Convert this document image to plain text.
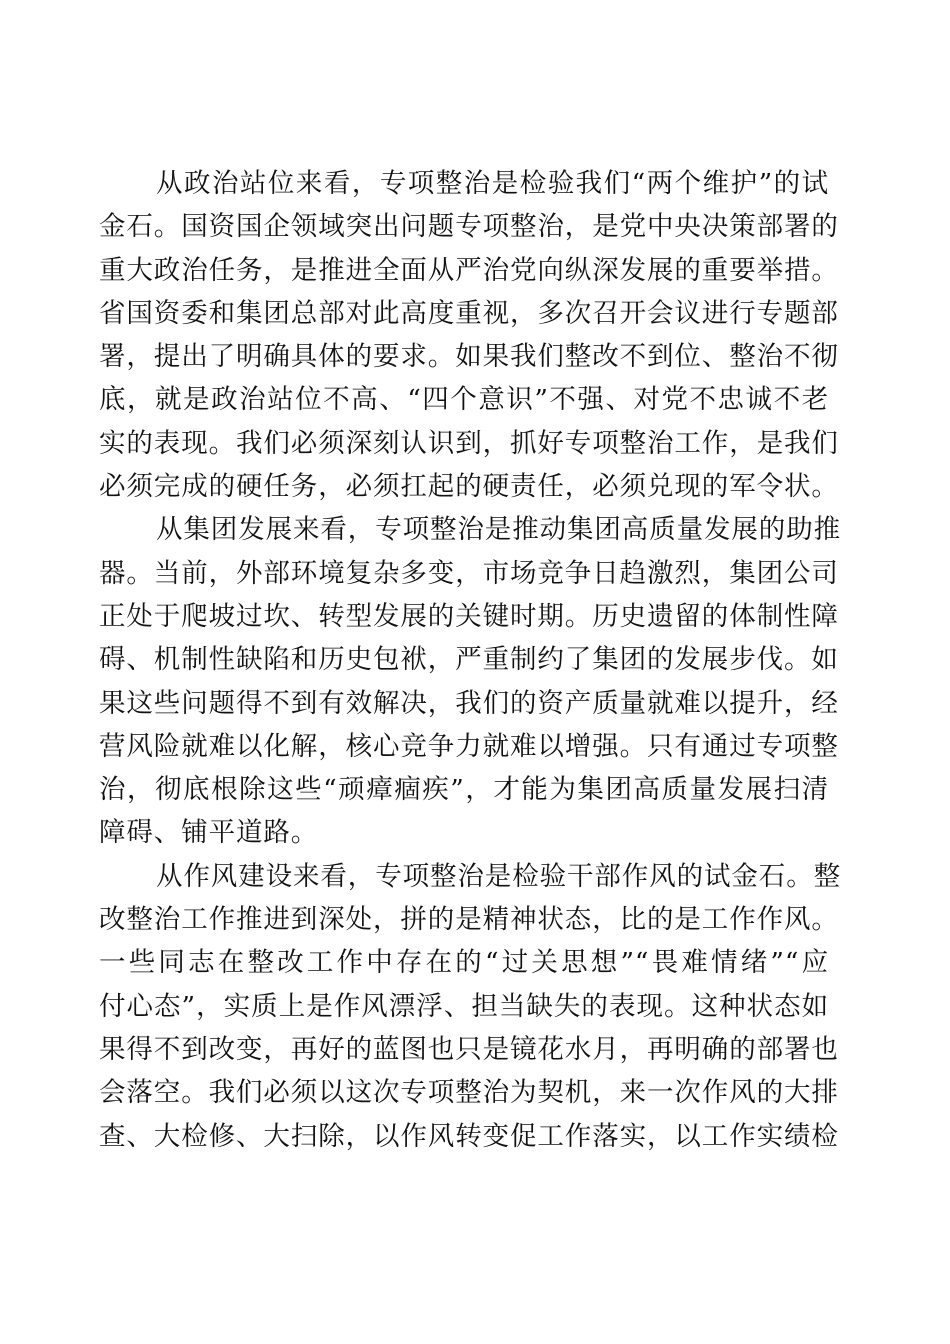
从政治站位来看，专项整治是检验我们“两个维护”的试
金石。国资国企领域突出问题专项整治，是党中央决策部署的
重大政治任务，是推进全面从严治党向纵深发展的重要举措。
省国资委和集团总部对此高度重视，多次召开会议进行专题部
署，提出了明确具体的要求。如果我们整改不到位、整治不彻
底，就是政治站位不高、“四个意识”不强、对党不忠诚不老
实的表现。我们必须深刻认识到，抓好专项整治工作，是我们
必须完成的硬任务，必须扛起的硬责任，必须兑现的军令状。
从集团发展来看，专项整治是推动集团高质量发展的助推
器。当前，外部环境复杂多变，市场竞争日趋激烈，集团公司
正处于爬坡过坎、转型发展的关键时期。历史遗留的体制性障
碍、机制性缺陷和历史包袱，严重制约了集团的发展步伐。如
果这些问题得不到有效解决，我们的资产质量就难以提升，经
营风险就难以化解，核心竞争力就难以增强。只有通过专项整
治，彻底根除这些“顽瘴痼疾”，才能为集团高质量发展扫清
障碍、铺平道路。
从作风建设来看，专项整治是检验干部作风的试金石。整
改整治工作推进到深处，拼的是精神状态，比的是工作作风。
一些同志在整改工作中存在的“过关思想”“畏难情绪”“应
付心态”，实质上是作风漂浮、担当缺失的表现。这种状态如
果得不到改变，再好的蓝图也只是镜花水月，再明确的部署也
会落空。我们必须以这次专项整治为契机，来一次作风的大排
查、大检修、大扫除，以作风转变促工作落实，以工作实绩检
